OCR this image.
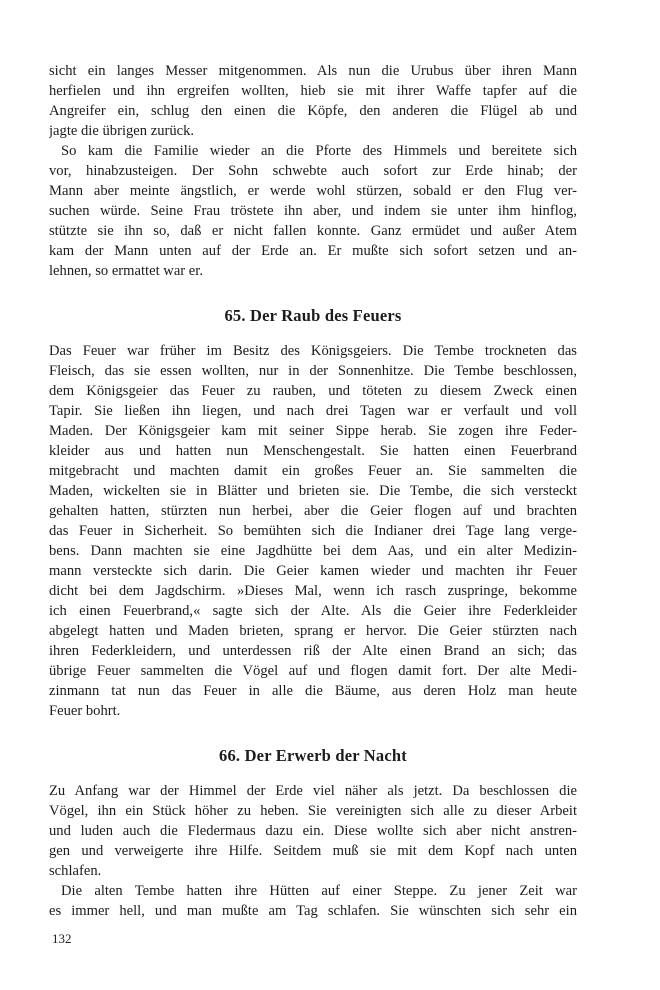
sicht ein langes Messer mitgenommen. Als nun die Urubus über ihren Mann
herfielen und ihn ergreifen wollten, hieb sie mit ihrer Waffe tapfer auf die
Angreifer ein, schlug den einen die Köpfe, den anderen die Flügel ab und
jagte die übrigen zurück.
So kam die Familie wieder an die Pforte des Himmels und bereitete sich
vor, hinabzusteigen. Der Sohn schwebte auch sofort zur Erde hinab; der
Mann aber meinte ängstlich, er werde wohl stürzen, sobald er den Flug ver-
suchen würde. Seine Frau tröstete ihn aber, und indem sie unter ihm hinflog,
stützte sie ihn so, daß er nicht fallen konnte. Ganz ermüdet und außer Atem
kam der Mann unten auf der Erde an. Er mußte sich sofort setzen und an-
lehnen, so ermattet war er.
65. Der Raub des Feuers
Das Feuer war früher im Besitz des Königsgeiers. Die Tembe trockneten das
Fleisch, das sie essen wollten, nur in der Sonnenhitze. Die Tembe beschlossen,
dem Königsgeier das Feuer zu rauben, und töteten zu diesem Zweck einen
Tapir. Sie ließen ihn liegen, und nach drei Tagen war er verfault und voll
Maden. Der Königsgeier kam mit seiner Sippe herab. Sie zogen ihre Feder-
kleider aus und hatten nun Menschengestalt. Sie hatten einen Feuerbrand
mitgebracht und machten damit ein großes Feuer an. Sie sammelten die
Maden, wickelten sie in Blätter und brieten sie. Die Tembe, die sich versteckt
gehalten hatten, stürzten nun herbei, aber die Geier flogen auf und brachten
das Feuer in Sicherheit. So bemühten sich die Indianer drei Tage lang verge-
bens. Dann machten sie eine Jagdhütte bei dem Aas, und ein alter Medizin-
mann versteckte sich darin. Die Geier kamen wieder und machten ihr Feuer
dicht bei dem Jagdschirm. »Dieses Mal, wenn ich rasch zuspringe, bekomme
ich einen Feuerbrand,« sagte sich der Alte. Als die Geier ihre Federkleider
abgelegt hatten und Maden brieten, sprang er hervor. Die Geier stürzten nach
ihren Federkleidern, und unterdessen riß der Alte einen Brand an sich; das
übrige Feuer sammelten die Vögel auf und flogen damit fort. Der alte Medi-
zinmann tat nun das Feuer in alle die Bäume, aus deren Holz man heute
Feuer bohrt.
66. Der Erwerb der Nacht
Zu Anfang war der Himmel der Erde viel näher als jetzt. Da beschlossen die
Vögel, ihn ein Stück höher zu heben. Sie vereinigten sich alle zu dieser Arbeit
und luden auch die Fledermaus dazu ein. Diese wollte sich aber nicht anstren-
gen und verweigerte ihre Hilfe. Seitdem muß sie mit dem Kopf nach unten
schlafen.
Die alten Tembe hatten ihre Hütten auf einer Steppe. Zu jener Zeit war
es immer hell, und man mußte am Tag schlafen. Sie wünschten sich sehr ein
132
